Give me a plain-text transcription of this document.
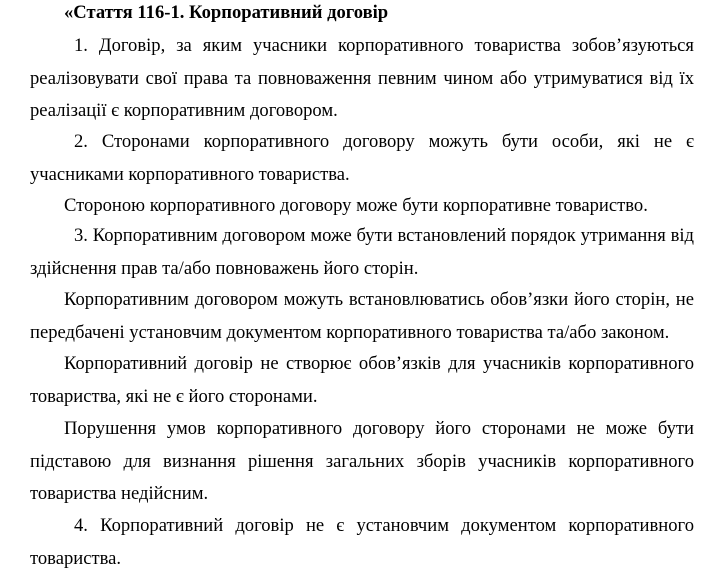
«Стаття 116-1. Корпоративний договір
1. Договір, за яким учасники корпоративного товариства зобов’язуються реалізовувати свої права та повноваження певним чином або утримуватися від їх реалізації є корпоративним договором.
2. Сторонами корпоративного договору можуть бути особи, які не є учасниками корпоративного товариства.
Стороною корпоративного договору може бути корпоративне товариство.
3. Корпоративним договором може бути встановлений порядок утримання від здійснення прав та/або повноважень його сторін.
Корпоративним договором можуть встановлюватись обов’язки його сторін, не передбачені установчим документом корпоративного товариства та/або законом.
Корпоративний договір не створює обов’язків для учасників корпоративного товариства, які не є його сторонами.
Порушення умов корпоративного договору його сторонами не може бути підставою для визнання рішення загальних зборів учасників корпоративного товариства недійсним.
4. Корпоративний договір не є установчим документом корпоративного товариства.
